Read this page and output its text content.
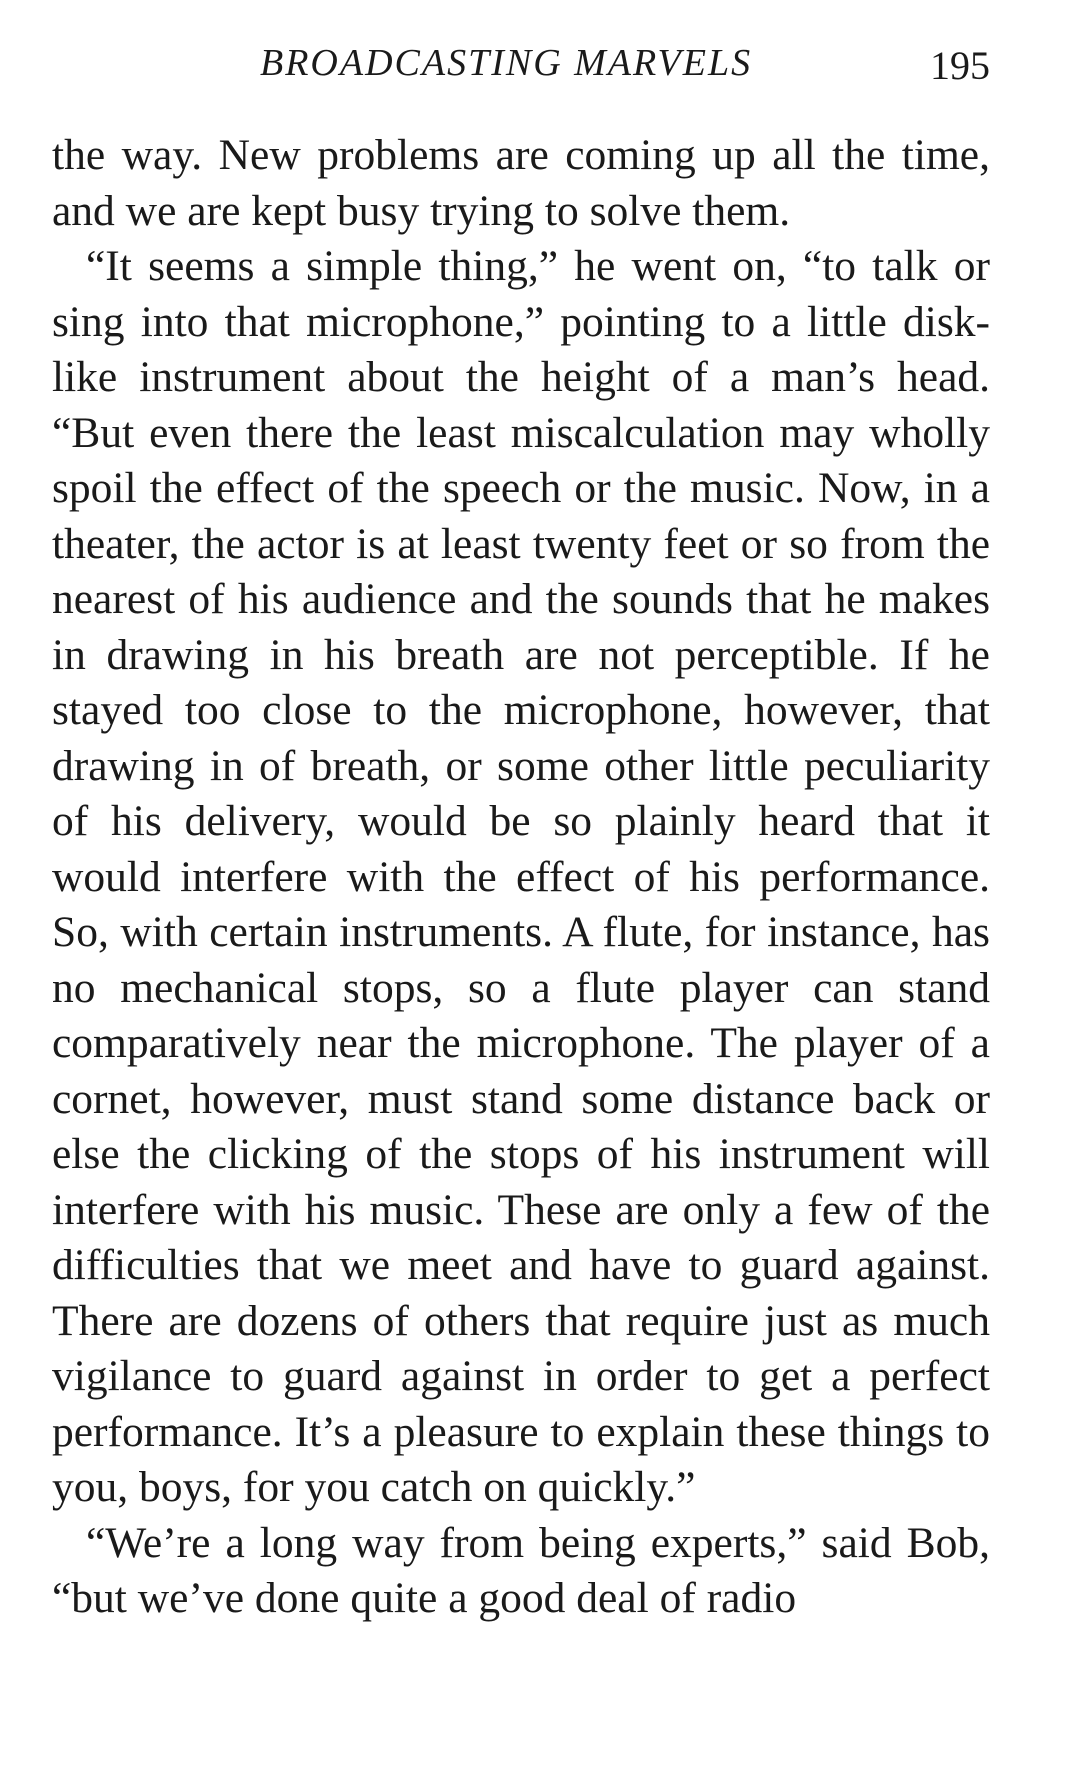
BROADCASTING MARVELS	195

the way. New problems are coming up all the time, and we are kept busy trying to solve them.

“It seems a simple thing,” he went on, “to talk or sing into that microphone,” pointing to a little disk-like instrument about the height of a man’s head. “But even there the least miscalculation may wholly spoil the effect of the speech or the music. Now, in a theater, the actor is at least twenty feet or so from the nearest of his audience and the sounds that he makes in drawing in his breath are not perceptible. If he stayed too close to the microphone, however, that drawing in of breath, or some other little peculiarity of his delivery, would be so plainly heard that it would interfere with the effect of his performance. So, with certain instruments. A flute, for instance, has no mechanical stops, so a flute player can stand comparatively near the microphone. The player of a cornet, however, must stand some distance back or else the clicking of the stops of his instrument will interfere with his music. These are only a few of the difficulties that we meet and have to guard against. There are dozens of others that require just as much vigilance to guard against in order to get a perfect performance. It’s a pleasure to explain these things to you, boys, for you catch on quickly.”

“We’re a long way from being experts,” said Bob, “but we’ve done quite a good deal of radio
